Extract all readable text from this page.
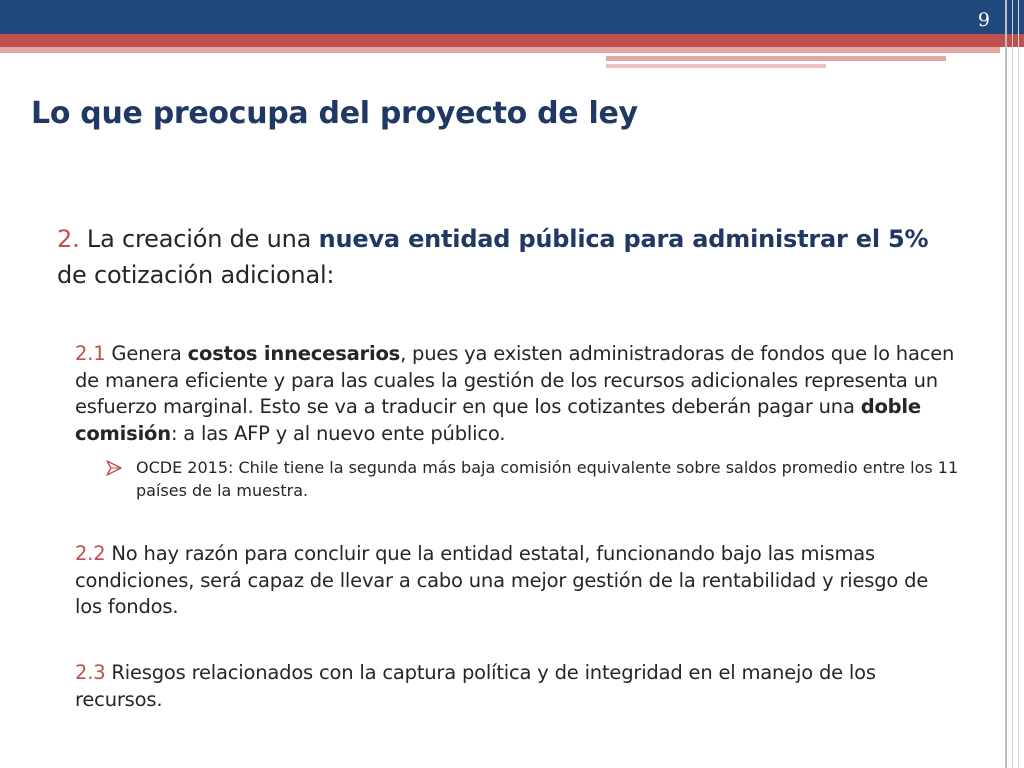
9
Lo que preocupa del proyecto de ley
2. La creación de una nueva entidad pública para administrar el 5% de cotización adicional:
2.1 Genera costos innecesarios, pues ya existen administradoras de fondos que lo hacen de manera eficiente y para las cuales la gestión de los recursos adicionales representa un esfuerzo marginal. Esto se va a traducir en que los cotizantes deberán pagar una doble comisión: a las AFP y al nuevo ente público.
OCDE 2015: Chile tiene la segunda más baja comisión equivalente sobre saldos promedio entre los 11 países de la muestra.
2.2 No hay razón para concluir que la entidad estatal, funcionando bajo las mismas condiciones, será capaz de llevar a cabo una mejor gestión de la rentabilidad y riesgo de los fondos.
2.3 Riesgos relacionados con la captura política y de integridad en el manejo de los recursos.
